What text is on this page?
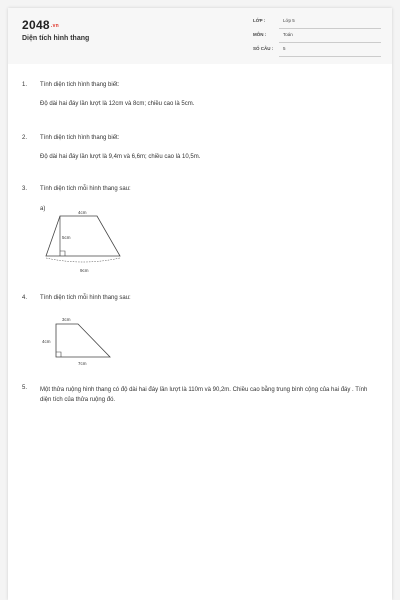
2048.vn
Diện tích hình thang
LỚP :	Lớp 5
MÔN :	Toán
SỐ CÂU : 5
1. Tính diện tích hình thang biết:
Độ dài hai đáy lần lượt là 12cm và 8cm; chiều cao là 5cm.
2. Tính diện tích hình thang biết:
Độ dài hai đáy lần lượt là 9,4m và 6,6m; chiều cao là 10,5m.
3. Tính diện tích mỗi hình thang sau:
a)
4cm
5cm
9cm
4. Tính diện tích mỗi hình thang sau:
3cm
4cm
7cm
5. Một thửa ruộng hình thang có độ dài hai đáy lần lượt là 110m và 90,2m. Chiều cao bằng trung bình cộng của hai đáy . Tính diện tích của thửa ruộng đó.
